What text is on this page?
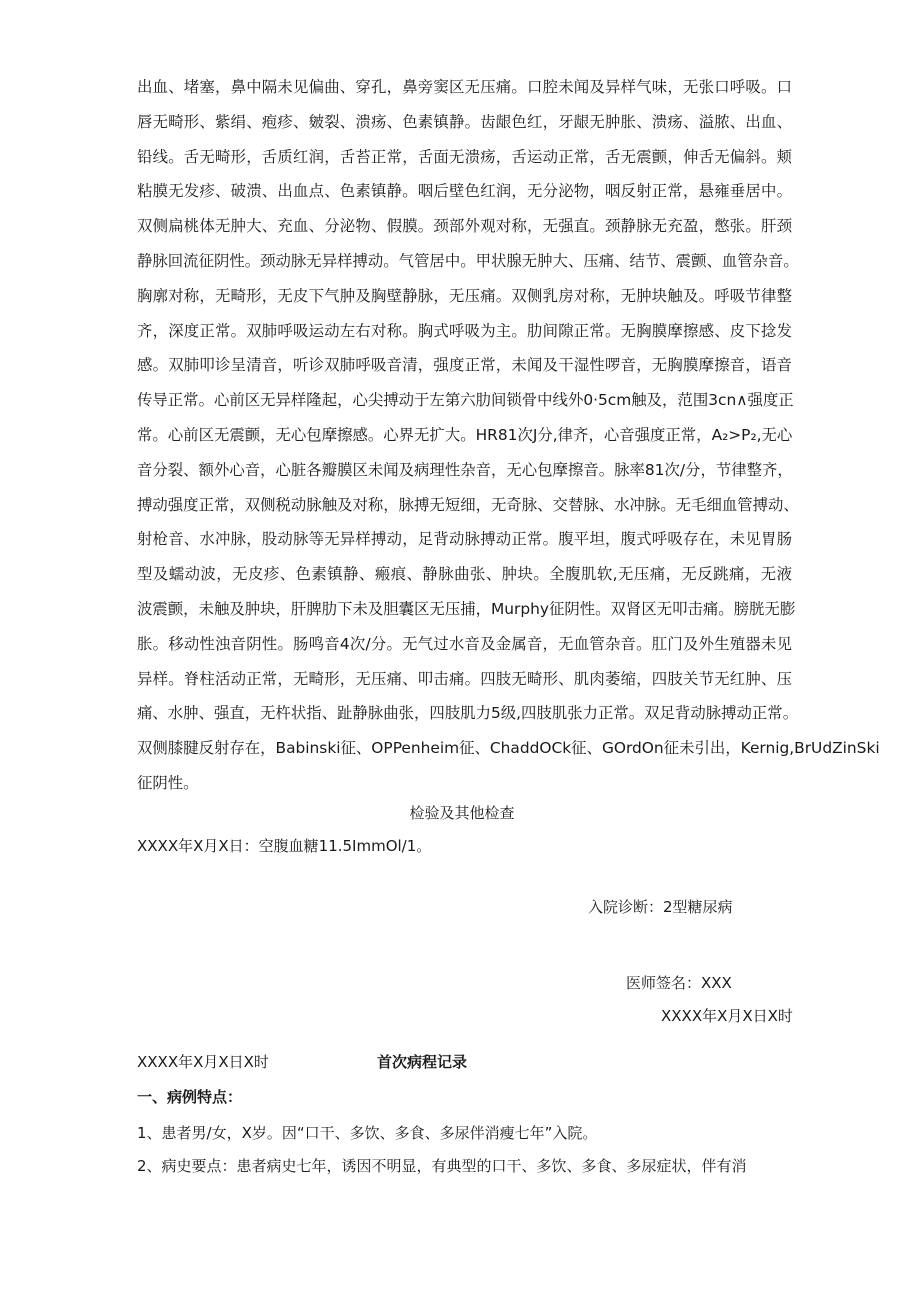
出血、堵塞，鼻中隔未见偏曲、穿孔，鼻旁窦区无压痛。口腔未闻及异样气味，无张口呼吸。口
唇无畸形、紫绢、疱疹、皴裂、溃疡、色素镇静。齿龈色红，牙龈无肿胀、溃疡、溢脓、出血、
铅线。舌无畸形，舌质红润，舌苔正常，舌面无溃疡，舌运动正常，舌无震颤，伸舌无偏斜。颊
粘膜无发疹、破溃、出血点、色素镇静。咽后壁色红润，无分泌物，咽反射正常，悬雍垂居中。
双侧扁桃体无肿大、充血、分泌物、假膜。颈部外观对称，无强直。颈静脉无充盈，憋张。肝颈
静脉回流征阴性。颈动脉无异样搏动。气管居中。甲状腺无肿大、压痛、结节、震颤、血管杂音。
胸廓对称，无畸形，无皮下气肿及胸壁静脉，无压痛。双侧乳房对称，无肿块触及。呼吸节律整
齐，深度正常。双肺呼吸运动左右对称。胸式呼吸为主。肋间隙正常。无胸膜摩擦感、皮下捻发
感。双肺叩诊呈清音，听诊双肺呼吸音清，强度正常，未闻及干湿性啰音，无胸膜摩擦音，语音
传导正常。心前区无异样隆起，心尖搏动于左第六肋间锁骨中线外0·5cm触及，范围3cn∧强度正
常。心前区无震颤，无心包摩擦感。心界无扩大。HR81次J分,律齐，心音强度正常，A₂>P₂,无心
音分裂、额外心音，心脏各瓣膜区未闻及病理性杂音，无心包摩擦音。脉率81次/分，节律整齐，
搏动强度正常，双侧税动脉触及对称，脉搏无短细，无奇脉、交替脉、水冲脉。无毛细血管搏动、
射枪音、水冲脉，股动脉等无异样搏动，足背动脉搏动正常。腹平坦，腹式呼吸存在，未见胃肠
型及蠕动波，无皮疹、色素镇静、瘢痕、静脉曲张、肿块。全腹肌软,无压痛，无反跳痛，无液
波震颤，未触及肿块，肝脾肋下未及胆囊区无压捕，Murphy征阴性。双肾区无叩击痛。膀胱无膨
胀。移动性浊音阴性。肠鸣音4次/分。无气过水音及金属音，无血管杂音。肛门及外生殖器未见
异样。脊柱活动正常，无畸形，无压痛、叩击痛。四肢无畸形、肌肉萎缩，四肢关节无红肿、压
痛、水肿、强直，无杵状指、趾静脉曲张，四肢肌力5级,四肢肌张力正常。双足背动脉搏动正常。
双侧膝腱反射存在，Babinski征、OPPenheim征、ChaddOCk征、GOrdOn征未引出，Kernig,BrUdZinSki
征阴性。
检验及其他检查
XXXX年X月X日：空腹血糖11.5ImmOl/1。
入院诊断：2型糖尿病
医师签名：XXX
XXXX年X月X日X时
XXXX年X月X日X时	首次病程记录
一、病例特点：
1、患者男/女，X岁。因“口干、多饮、多食、多尿伴消瘦七年”入院。
2、病史要点：患者病史七年，诱因不明显，有典型的口干、多饮、多食、多尿症状，伴有消
